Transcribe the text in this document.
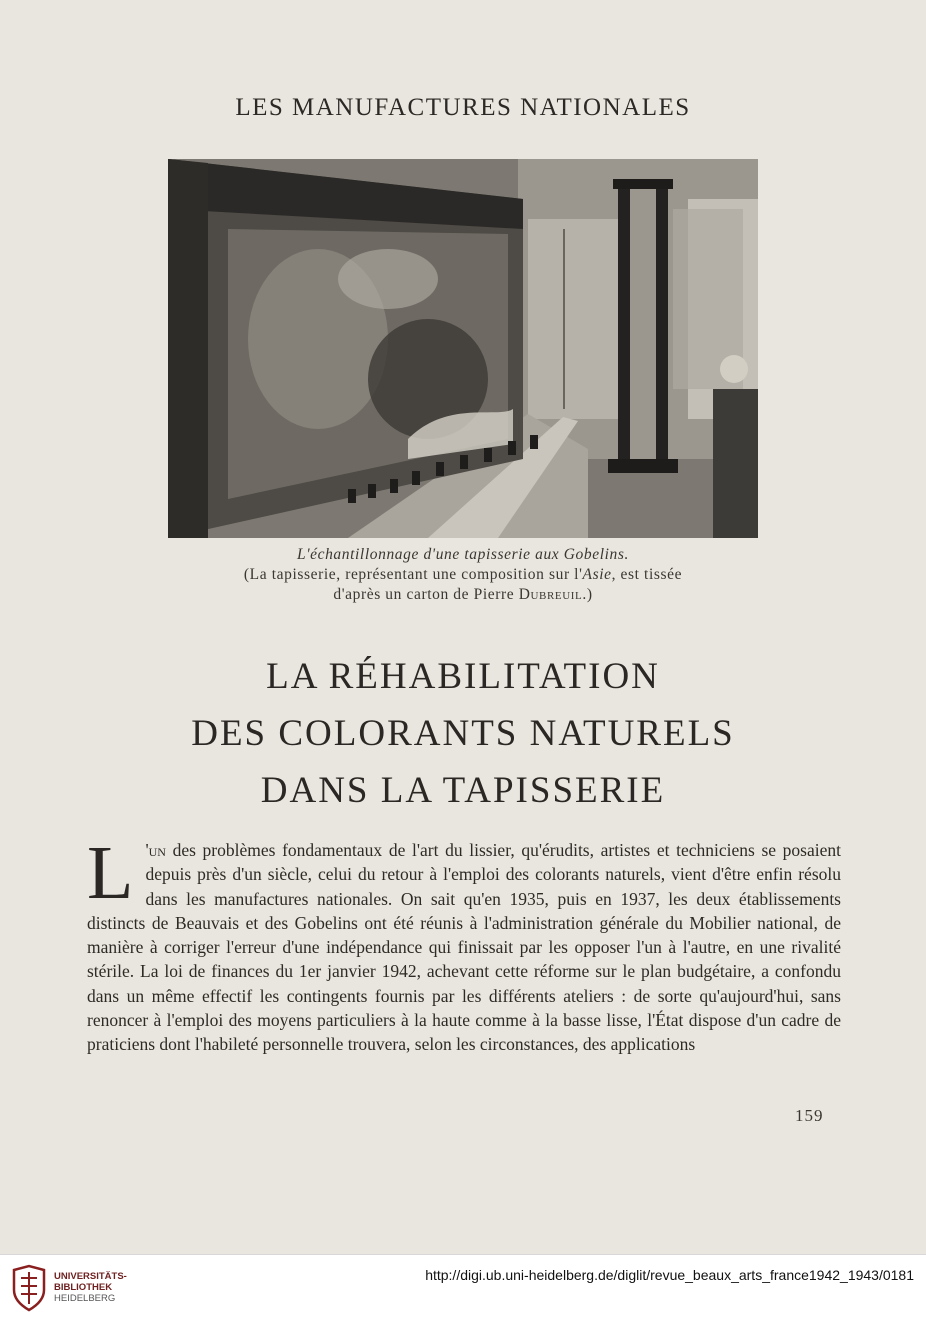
LES MANUFACTURES NATIONALES
L'échantillonnage d'une tapisserie aux Gobelins.
(La tapisserie, représentant une composition sur l'Asie, est tissée
d'après un carton de Pierre Dubreuil.)
LA RÉHABILITATION
DES COLORANTS NATURELS
DANS LA TAPISSERIE
L 'un des problèmes fondamentaux de l'art du lissier, qu'érudits, artistes et techniciens se posaient depuis près d'un siècle, celui du retour à l'emploi des colorants naturels, vient d'être enfin résolu dans les manufactures nationales. On sait qu'en 1935, puis en 1937, les deux établissements distincts de Beauvais et des Gobelins ont été réunis à l'administration générale du Mobilier national, de manière à corriger l'erreur d'une indépendance qui finissait par les opposer l'un à l'autre, en une rivalité stérile. La loi de finances du 1er janvier 1942, achevant cette réforme sur le plan budgétaire, a confondu dans un même effectif les contingents fournis par les différents ateliers : de sorte qu'aujourd'hui, sans renoncer à l'emploi des moyens particuliers à la haute comme à la basse lisse, l'État dispose d'un cadre de praticiens dont l'habileté personnelle trouvera, selon les circonstances, des applications
159
UNIVERSITÄTS-
BIBLIOTHEK
HEIDELBERG
http://digi.ub.uni-heidelberg.de/diglit/revue_beaux_arts_france1942_1943/0181
